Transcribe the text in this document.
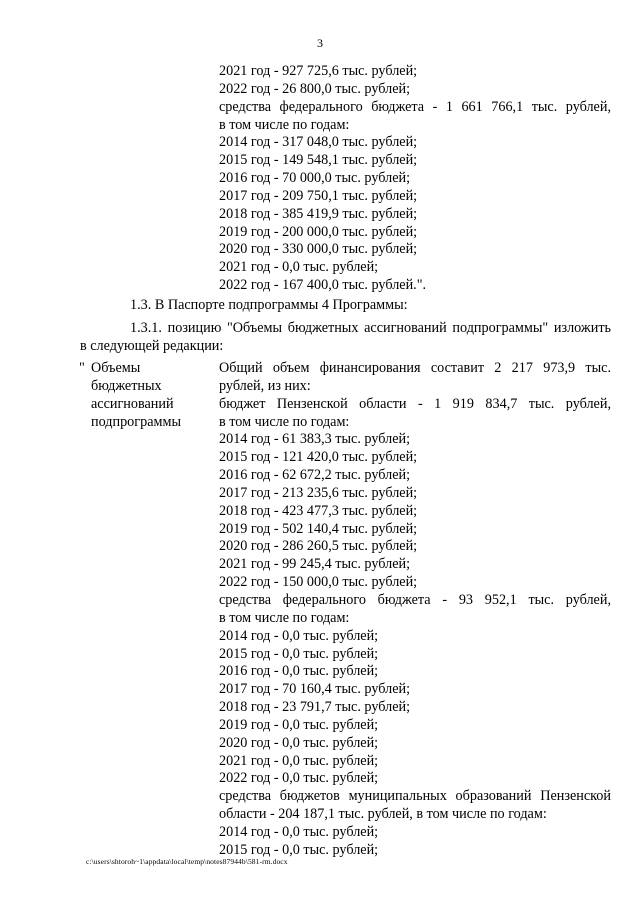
3
2021 год - 927 725,6 тыс. рублей;
2022 год - 26 800,0 тыс. рублей;
средства федерального бюджета - 1 661 766,1 тыс. рублей,
в том числе по годам:
2014 год - 317 048,0 тыс. рублей;
2015 год - 149 548,1 тыс. рублей;
2016 год - 70 000,0 тыс. рублей;
2017 год - 209 750,1 тыс. рублей;
2018 год - 385 419,9 тыс. рублей;
2019 год - 200 000,0 тыс. рублей;
2020 год - 330 000,0 тыс. рублей;
2021 год - 0,0 тыс. рублей;
2022 год - 167 400,0 тыс. рублей.".
1.3. В Паспорте подпрограммы 4 Программы:
1.3.1. позицию "Объемы бюджетных ассигнований подпрограммы" изложить
в следующей редакции:
" Объемы
бюджетных
ассигнований
подпрограммы
Общий объем финансирования составит 2 217 973,9 тыс.
рублей, из них:
бюджет Пензенской области - 1 919 834,7 тыс. рублей,
в том числе по годам:
2014 год - 61 383,3 тыс. рублей;
2015 год - 121 420,0 тыс. рублей;
2016 год - 62 672,2 тыс. рублей;
2017 год - 213 235,6 тыс. рублей;
2018 год - 423 477,3 тыс. рублей;
2019 год - 502 140,4 тыс. рублей;
2020 год - 286 260,5 тыс. рублей;
2021 год - 99 245,4 тыс. рублей;
2022 год - 150 000,0 тыс. рублей;
средства федерального бюджета - 93 952,1 тыс. рублей,
в том числе по годам:
2014 год - 0,0 тыс. рублей;
2015 год - 0,0 тыс. рублей;
2016 год - 0,0 тыс. рублей;
2017 год - 70 160,4 тыс. рублей;
2018 год - 23 791,7 тыс. рублей;
2019 год - 0,0 тыс. рублей;
2020 год - 0,0 тыс. рублей;
2021 год - 0,0 тыс. рублей;
2022 год - 0,0 тыс. рублей;
средства бюджетов муниципальных образований Пензенской
области - 204 187,1 тыс. рублей, в том числе по годам:
2014 год - 0,0 тыс. рублей;
2015 год - 0,0 тыс. рублей;
c:\users\shtoroh~1\appdata\local\temp\notes87944b\581-rm.docx
